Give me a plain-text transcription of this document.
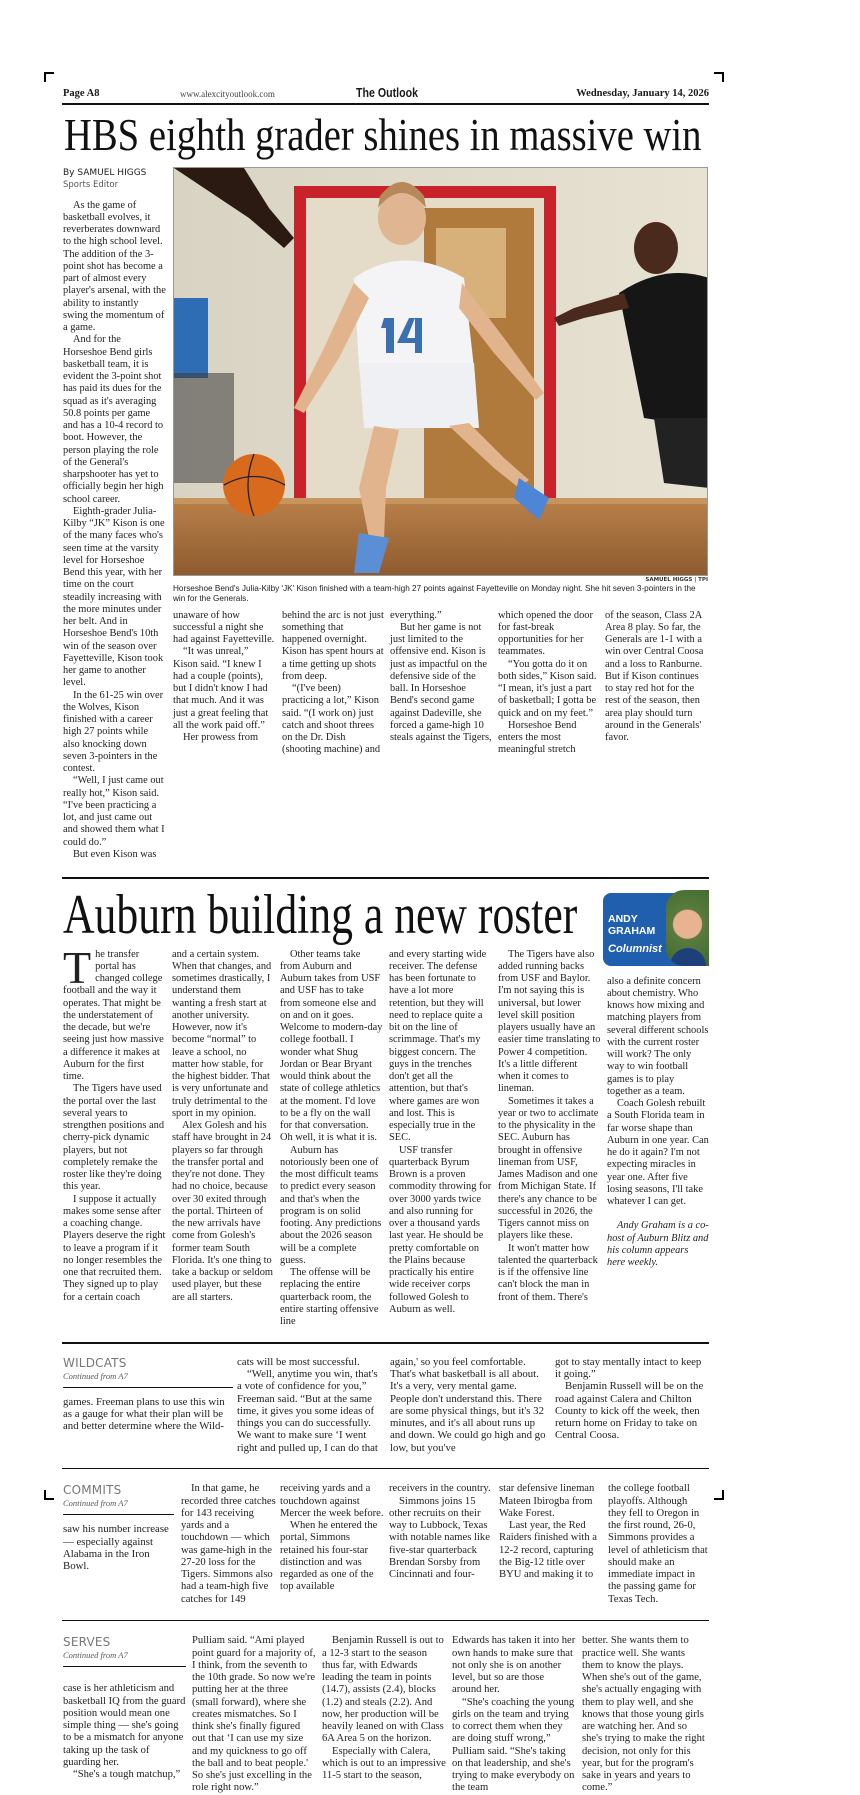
Page A8	www.alexcityoutlook.com	The Outlook	Wednesday, January 14, 2026
HBS eighth grader shines in massive win
By SAMUEL HIGGS
Sports Editor

As the game of basketball evolves, it reverberates downward to the high school level. The addition of the 3-point shot has become a part of almost every player's arsenal, with the ability to instantly swing the momentum of a game.

And for the Horseshoe Bend girls basketball team, it is evident the 3-point shot has paid its dues for the squad as it's averaging 50.8 points per game and has a 10-4 record to boot. However, the person playing the role of the General's sharpshooter has yet to officially begin her high school career.

Eighth-grader Julia-Kilby “JK” Kison is one of the many faces who's seen time at the varsity level for Horseshoe Bend this year, with her time on the court steadily increasing with the more minutes under her belt. And in Horseshoe Bend's 10th win of the season over Fayetteville, Kison took her game to another level.

In the 61-25 win over the Wolves, Kison finished with a career high 27 points while also knocking down seven 3-pointers in the contest.

“Well, I just came out really hot,” Kison said. “I've been practicing a lot, and just came out and showed them what I could do.”

But even Kison was

SAMUEL HIGGS | TPI
Horseshoe Bend's Julia-Kilby 'JK' Kison finished with a team-high 27 points against Fayetteville on Monday night. She hit seven 3-pointers in the win for the Generals.

unaware of how successful a night she had against Fayetteville.

“It was unreal,” Kison said. “I knew I had a couple (points), but I didn't know I had that much. And it was just a great feeling that all the work paid off.”

Her prowess from

behind the arc is not just something that happened overnight. Kison has spent hours at a time getting up shots from deep.

“(I've been) practicing a lot,” Kison said. “(I work on) just catch and shoot threes on the Dr. Dish (shooting machine) and

everything.”

But her game is not just limited to the offensive end. Kison is just as impactful on the defensive side of the ball. In Horseshoe Bend's second game against Dadeville, she forced a game-high 10 steals against the Tigers,

which opened the door for fast-break opportunities for her teammates.

“You gotta do it on both sides,” Kison said. “I mean, it's just a part of basketball; I gotta be quick and on my feet.”

Horseshoe Bend enters the most meaningful stretch

of the season, Class 2A Area 8 play. So far, the Generals are 1-1 with a win over Central Coosa and a loss to Ranburne. But if Kison continues to stay red hot for the rest of the season, then area play should turn around in the Generals' favor.

Auburn building a new roster

The transfer portal has changed college football and the way it operates. That might be the understatement of the decade, but we're seeing just how massive a difference it makes at Auburn for the first time.

The Tigers have used the portal over the last several years to strengthen positions and cherry-pick dynamic players, but not completely remake the roster like they're doing this year.

I suppose it actually makes some sense after a coaching change. Players deserve the right to leave a program if it no longer resembles the one that recruited them. They signed up to play for a certain coach

and a certain system. When that changes, and sometimes drastically, I understand them wanting a fresh start at another university. However, now it's become “normal” to leave a school, no matter how stable, for the highest bidder. That is very unfortunate and truly detrimental to the sport in my opinion.

Alex Golesh and his staff have brought in 24 players so far through the transfer portal and they're not done. They had no choice, because over 30 exited through the portal. Thirteen of the new arrivals have come from Golesh's former team South Florida. It's one thing to take a backup or seldom used player, but these are all starters.

Other teams take from Auburn and Auburn takes from USF and USF has to take from someone else and on and on it goes. Welcome to modern-day college football. I wonder what Shug Jordan or Bear Bryant would think about the state of college athletics at the moment. I'd love to be a fly on the wall for that conversation. Oh well, it is what it is.

Auburn has notoriously been one of the most difficult teams to predict every season and that's when the program is on solid footing. Any predictions about the 2026 season will be a complete guess.

The offense will be replacing the entire quarterback room, the entire starting offensive line

and every starting wide receiver. The defense has been fortunate to have a lot more retention, but they will need to replace quite a bit on the line of scrimmage. That's my biggest concern. The guys in the trenches don't get all the attention, but that's where games are won and lost. This is especially true in the SEC.

USF transfer quarterback Byrum Brown is a proven commodity throwing for over 3000 yards twice and also running for over a thousand yards last year. He should be pretty comfortable on the Plains because practically his entire wide receiver corps followed Golesh to Auburn as well.

The Tigers have also added running backs from USF and Baylor. I'm not saying this is universal, but lower level skill position players usually have an easier time translating to Power 4 competition. It's a little different when it comes to lineman.

Sometimes it takes a year or two to acclimate to the physicality in the SEC. Auburn has brought in offensive lineman from USF, James Madison and one from Michigan State. If there's any chance to be successful in 2026, the Tigers cannot miss on players like these.

It won't matter how talented the quarterback is if the offensive line can't block the man in front of them. There's

ANDY GRAHAM
Columnist

also a definite concern about chemistry. Who knows how mixing and matching players from several different schools with the current roster will work? The only way to win football games is to play together as a team.

Coach Golesh rebuilt a South Florida team in far worse shape than Auburn in one year. Can he do it again? I'm not expecting miracles in year one. After five losing seasons, I'll take whatever I can get.

Andy Graham is a co-host of Auburn Blitz and his column appears here weekly.

WILDCATS
Continued from A7

games. Freeman plans to use this win as a gauge for what their plan will be and better determine where the Wild-

cats will be most successful.

“Well, anytime you win, that's a vote of confidence for you,” Freeman said. “But at the same time, it gives you some ideas of things you can do successfully. We want to make sure ‘I went right and pulled up, I can do that

again,' so you feel comfortable. That's what basketball is all about. It's a very, very mental game. People don't understand this. There are some physical things, but it's 32 minutes, and it's all about runs up and down. We could go high and go low, but you've

got to stay mentally intact to keep it going.”

Benjamin Russell will be on the road against Calera and Chilton County to kick off the week, then return home on Friday to take on Central Coosa.

COMMITS
Continued from A7

saw his number increase — especially against Alabama in the Iron Bowl.

In that game, he recorded three catches for 143 receiving yards and a touchdown — which was game-high in the 27-20 loss for the Tigers. Simmons also had a team-high five catches for 149

receiving yards and a touchdown against Mercer the week before.

When he entered the portal, Simmons retained his four-star distinction and was regarded as one of the top available

receivers in the country.

Simmons joins 15 other recruits on their way to Lubbock, Texas with notable names like five-star quarterback Brendan Sorsby from Cincinnati and four-

star defensive lineman Mateen Ibirogba from Wake Forest.

Last year, the Red Raiders finished with a 12-2 record, capturing the Big-12 title over BYU and making it to

the college football playoffs. Although they fell to Oregon in the first round, 26-0, Simmons provides a level of athleticism that should make an immediate impact in the passing game for Texas Tech.

SERVES
Continued from A7

case is her athleticism and basketball IQ from the guard position would mean one simple thing — she's going to be a mismatch for anyone taking up the task of guarding her.

“She's a tough matchup,”

Pulliam said. “Ami played point guard for a majority of, I think, from the seventh to the 10th grade. So now we're putting her at the three (small forward), where she creates mismatches. So I think she's finally figured out that ‘I can use my size and my quickness to go off the ball and to beat people.' So she's just excelling in the role right now.”

Benjamin Russell is out to a 12-3 start to the season thus far, with Edwards leading the team in points (14.7), assists (2.4), blocks (1.2) and steals (2.2). And now, her production will be heavily leaned on with Class 6A Area 5 on the horizon.

Especially with Calera, which is out to an impressive 11-5 start to the season,

Edwards has taken it into her own hands to make sure that not only she is on another level, but so are those around her.

“She's coaching the young girls on the team and trying to correct them when they are doing stuff wrong,” Pulliam said. “She's taking on that leadership, and she's trying to make everybody on the team

better. She wants them to practice well. She wants them to know the plays. When she's out of the game, she's actually engaging with them to play well, and she knows that those young girls are watching her. And so she's trying to make the right decision, not only for this year, but for the program's sake in years and years to come.”
